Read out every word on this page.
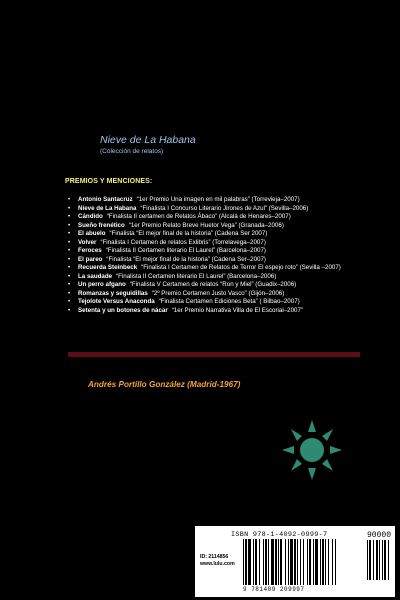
Nieve de La Habana
(Colección de relatos)
PREMIOS Y MENCIONES:
• Antonio Santacruz “1er Premio Una imagen en mil palabras” (Torrevieja–2007)
• Nieve de La Habana “Finalista I Concurso Literario Jirones de Azul” (Sevilla–2006)
• Cándido “Finalista II certamen de Relatos Ábaco” (Alcalá de Henares–2007)
• Sueño frenético “1er Premio Relato Breve Huetor Vega” (Granada–2006)
• El abuelo “Finalista “El mejor final de la historia” (Cadena Ser 2007)
• Volver “Finalista I Certamen de relatos Exlibris” (Torrelavega–2007)
• Feroces “Finalista II Certamen literario El Laurel” (Barcelona–2007)
• El pareo “Finalista “El mejor final de la historia” (Cadena Ser–2007)
• Recuerda Steinbeck “Finalista I Certamen de Relatos de Terror El espejo roto” (Sevilla –2007)
• La saudade “Finalista II Certamen literario El Laurel” (Barcelona–2006)
• Un perro afgano “Finalista V Certamen de relatos “Ron y Miel” (Guadix–2006)
• Romanzas y seguidillas “2º Premio Certamen Justo Vasco” (Gijón–2006)
• Tejolote Versus Anaconda “Finalista Certamen Ediciones Beta” ( Bilbao–2007)
• Setenta y un botones de nácar “1er Premio Narrativa Villa de El Escorial–2007”
Andrés Portillo González (Madrid-1967)
ISBN 978-1-4092-0999-7	90000
ID: 2114856
www.lulu.com
9 781409 209997
